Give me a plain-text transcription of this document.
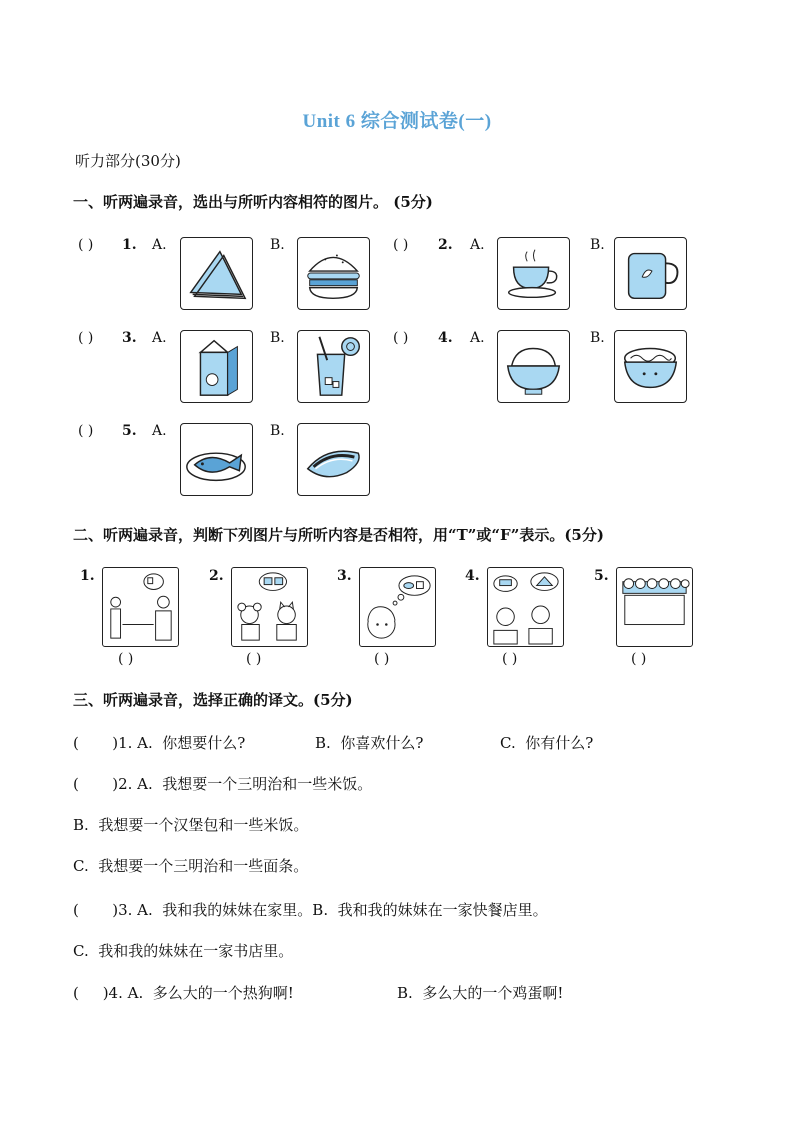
Unit 6 综合测试卷(一)
听力部分(30分)
一、听两遍录音，选出与所听内容相符的图片。 (5分)
( ) 1. A.	B.	( ) 2. A.	B.
( ) 3. A.	B.	( ) 4. A.	B.
( ) 5. A.	B.
二、听两遍录音，判断下列图片与所听内容是否相符，用“T”或“F”表示。(5分)
1.
( )
2.
( )
3.
( )
4.
( )
5.
( )
三、听两遍录音，选择正确的译文。(5分)
(       )1. A.  你想要什么?	B.  你喜欢什么?	C.  你有什么?
(       )2. A.  我想要一个三明治和一些米饭。
B.  我想要一个汉堡包和一些米饭。
C.  我想要一个三明治和一些面条。
(       )3. A.  我和我的妹妹在家里。B.  我和我的妹妹在一家快餐店里。
C.  我和我的妹妹在一家书店里。
(     )4. A.  多么大的一个热狗啊!	B.  多么大的一个鸡蛋啊!
